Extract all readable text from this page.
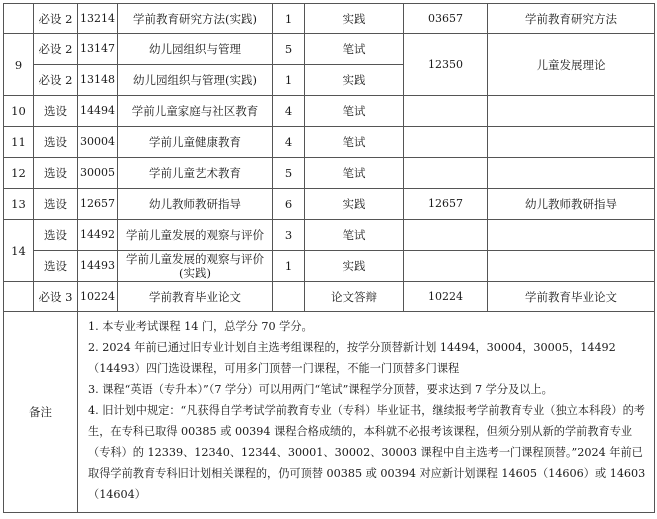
	必设 2	13214	学前教育研究方法(实践)	1	实践	03657	学前教育研究方法
9	必设 2	13147	幼儿园组织与管理	5	笔试	12350	儿童发展理论
	必设 2	13148	幼儿园组织与管理(实践)	1	实践		
10	选设	14494	学前儿童家庭与社区教育	4	笔试		
11	选设	30004	学前儿童健康教育	4	笔试		
12	选设	30005	学前儿童艺术教育	5	笔试		
13	选设	12657	幼儿教师教研指导	6	实践	12657	幼儿教师教研指导
14	选设	14492	学前儿童发展的观察与评价	3	笔试		
	选设	14493	学前儿童发展的观察与评价(实践)	1	实践		
	必设 3	10224	学前教育毕业论文		论文答辩	10224	学前教育毕业论文
备注		1. 本专业考试课程 14 门，总学分 70 学分。

2. 2024 年前已通过旧专业计划自主选考组课程的，按学分顶替新计划 14494，30004，30005，14492（14493）四门选设课程，可用多门顶替一门课程，不能一门顶替多门课程

3. 课程“英语（专升本）”（7 学分）可以用两门“笔试”课程学分顶替，要求达到 7 学分及以上。

4. 旧计划中规定：“凡获得自学考试学前教育专业（专科）毕业证书，继续报考学前教育专业（独立本科段）的考生，在专科已取得 00385 或 00394 课程合格成绩的，本科就不必报考该课程，但须分别从新的学前教育专业（专科）的 12339、12340、12344、30001、30002、30003 课程中自主选考一门课程顶替。”2024 年前已取得学前教育专科旧计划相关课程的，仍可顶替 00385 或 00394 对应新计划课程 14605（14606）或 14603（14604）					
